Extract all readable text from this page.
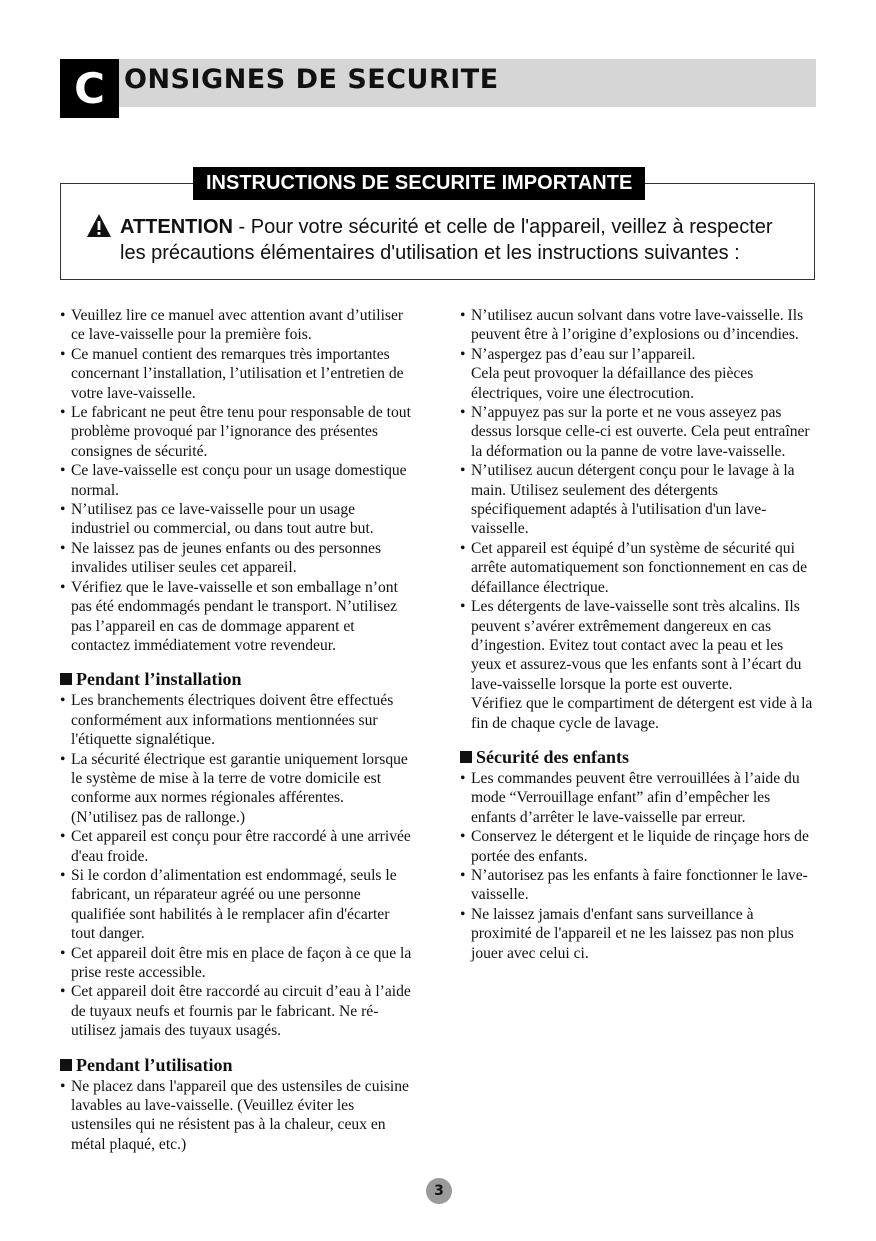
C ONSIGNES DE SECURITE
INSTRUCTIONS DE SECURITE IMPORTANTE
ATTENTION - Pour votre sécurité et celle de l'appareil, veillez à respecter les précautions élémentaires d'utilisation et les instructions suivantes :
• Veuillez lire ce manuel avec attention avant d’utiliser ce lave-vaisselle pour la première fois.
• Ce manuel contient des remarques très importantes concernant l’installation, l’utilisation et l’entretien de votre lave-vaisselle.
• Le fabricant ne peut être tenu pour responsable de tout problème provoqué par l’ignorance des présentes consignes de sécurité.
• Ce lave-vaisselle est conçu pour un usage domestique normal.
• N’utilisez pas ce lave-vaisselle pour un usage industriel ou commercial, ou dans tout autre but.
• Ne laissez pas de jeunes enfants ou des personnes invalides utiliser seules cet appareil.
• Vérifiez que le lave-vaisselle et son emballage n’ont pas été endommagés pendant le transport. N’utilisez pas l’appareil en cas de dommage apparent et contactez immédiatement votre revendeur.
Pendant l’installation
• Les branchements électriques doivent être effectués conformément aux informations mentionnées sur l'étiquette signalétique.
• La sécurité électrique est garantie uniquement lorsque le système de mise à la terre de votre domicile est conforme aux normes régionales afférentes. (N’utilisez pas de rallonge.)
• Cet appareil est conçu pour être raccordé à une arrivée d'eau froide.
• Si le cordon d’alimentation est endommagé, seuls le fabricant, un réparateur agréé ou une personne qualifiée sont habilités à le remplacer afin d'écarter tout danger.
• Cet appareil doit être mis en place de façon à ce que la prise reste accessible.
• Cet appareil doit être raccordé au circuit d’eau à l’aide de tuyaux neufs et fournis par le fabricant. Ne ré-utilisez jamais des tuyaux usagés.
Pendant l’utilisation
• Ne placez dans l'appareil que des ustensiles de cuisine lavables au lave-vaisselle. (Veuillez éviter les ustensiles qui ne résistent pas à la chaleur, ceux en métal plaqué, etc.)
• N’utilisez aucun solvant dans votre lave-vaisselle. Ils peuvent être à l’origine d’explosions ou d’incendies.
• N’aspergez pas d’eau sur l’appareil.
Cela peut provoquer la défaillance des pièces électriques, voire une électrocution.
• N’appuyez pas sur la porte et ne vous asseyez pas dessus lorsque celle-ci est ouverte. Cela peut entraîner la déformation ou la panne de votre lave-vaisselle.
• N’utilisez aucun détergent conçu pour le lavage à la main. Utilisez seulement des détergents spécifiquement adaptés à l'utilisation d'un lave-vaisselle.
• Cet appareil est équipé d’un système de sécurité qui arrête automatiquement son fonctionnement en cas de défaillance électrique.
• Les détergents de lave-vaisselle sont très alcalins. Ils peuvent s’avérer extrêmement dangereux en cas d’ingestion. Evitez tout contact avec la peau et les yeux et assurez-vous que les enfants sont à l’écart du lave-vaisselle lorsque la porte est ouverte.
Vérifiez que le compartiment de détergent est vide à la fin de chaque cycle de lavage.
Sécurité des enfants
• Les commandes peuvent être verrouillées à l’aide du mode “Verrouillage enfant” afin d’empêcher les enfants d’arrêter le lave-vaisselle par erreur.
• Conservez le détergent et le liquide de rinçage hors de portée des enfants.
• N’autorisez pas les enfants à faire fonctionner le lave-vaisselle.
• Ne laissez jamais d'enfant sans surveillance à proximité de l'appareil et ne les laissez pas non plus jouer avec celui ci.
3
